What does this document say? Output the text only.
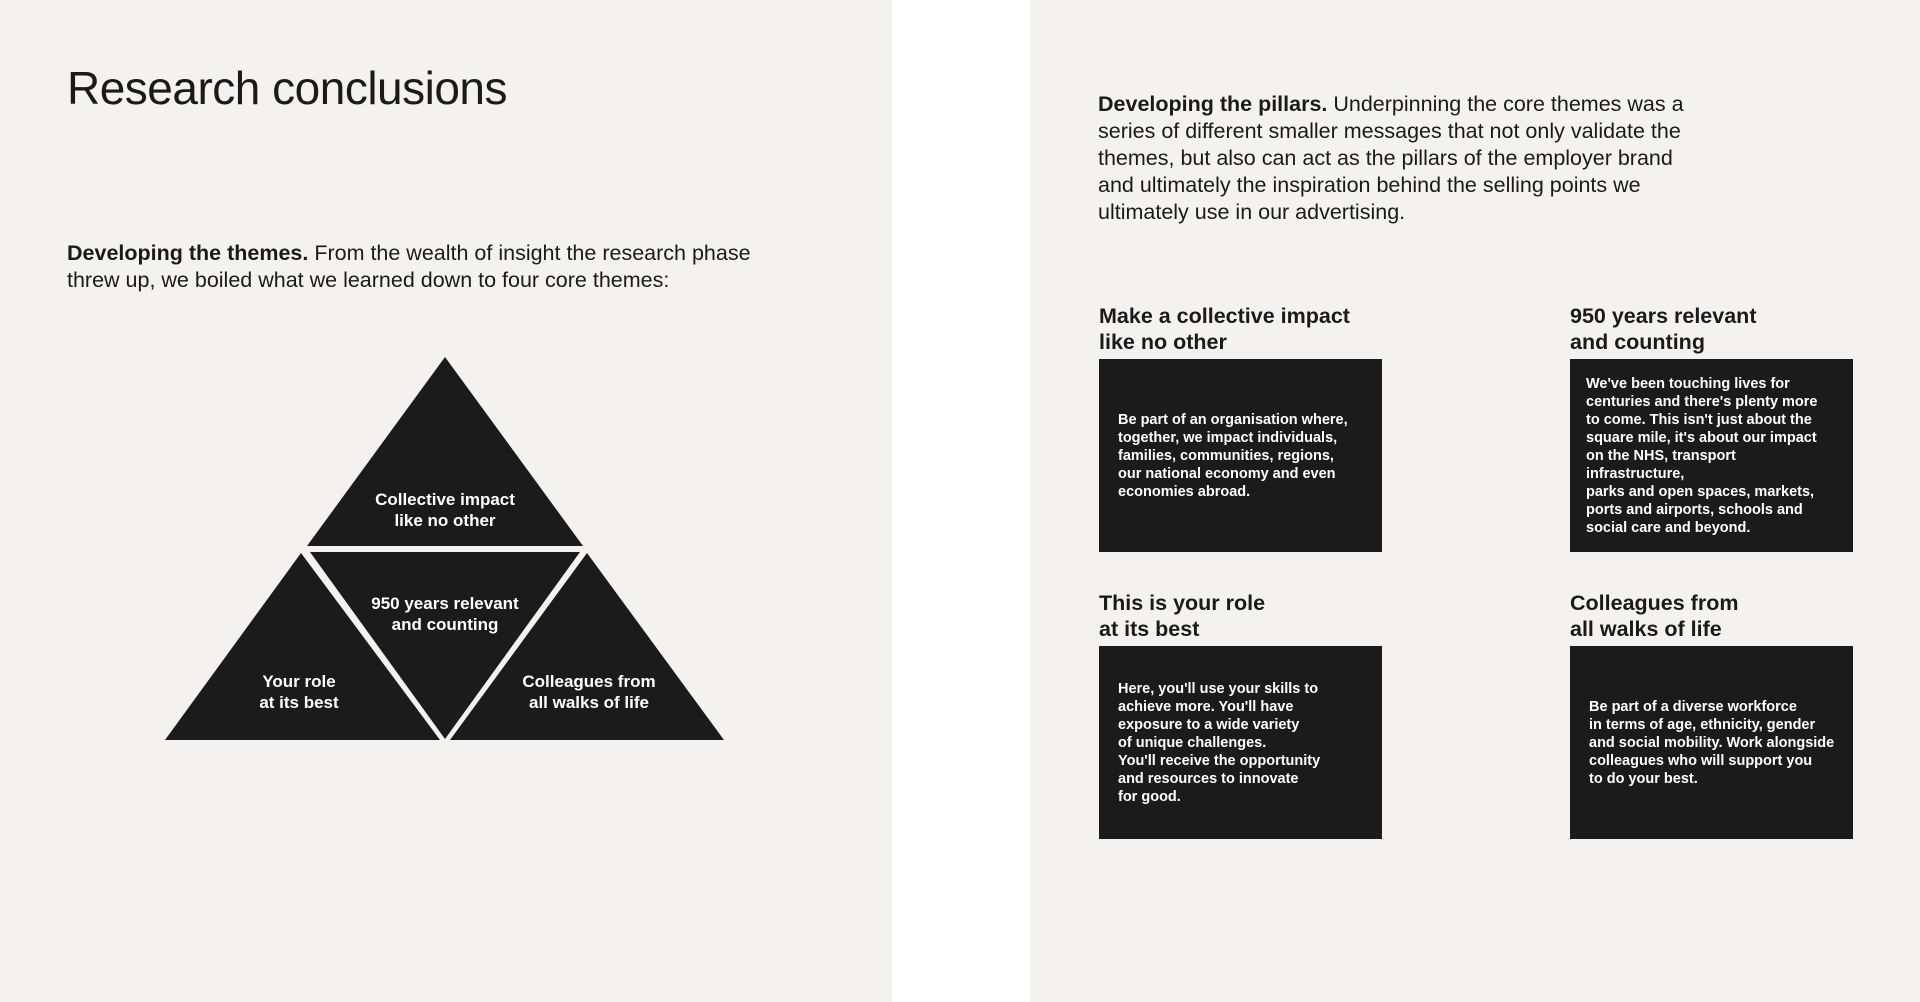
Research conclusions

Developing the themes. From the wealth of insight the research phase threw up, we boiled what we learned down to four core themes:

Collective impact
like no other
950 years relevant
and counting
Your role
at its best
Colleagues from
all walks of life

Developing the pillars. Underpinning the core themes was a series of different smaller messages that not only validate the themes, but also can act as the pillars of the employer brand and ultimately the inspiration behind the selling points we ultimately use in our advertising.

Make a collective impact
like no other

Be part of an organisation where,
together, we impact individuals,
families, communities, regions,
our national economy and even
economies abroad.

950 years relevant
and counting

We've been touching lives for
centuries and there's plenty more
to come. This isn't just about the
square mile, it's about our impact
on the NHS, transport infrastructure,
parks and open spaces, markets,
ports and airports, schools and
social care and beyond.

This is your role
at its best

Here, you'll use your skills to
achieve more. You'll have
exposure to a wide variety
of unique challenges.
You'll receive the opportunity
and resources to innovate
for good.

Colleagues from
all walks of life

Be part of a diverse workforce
in terms of age, ethnicity, gender
and social mobility. Work alongside
colleagues who will support you
to do your best.
